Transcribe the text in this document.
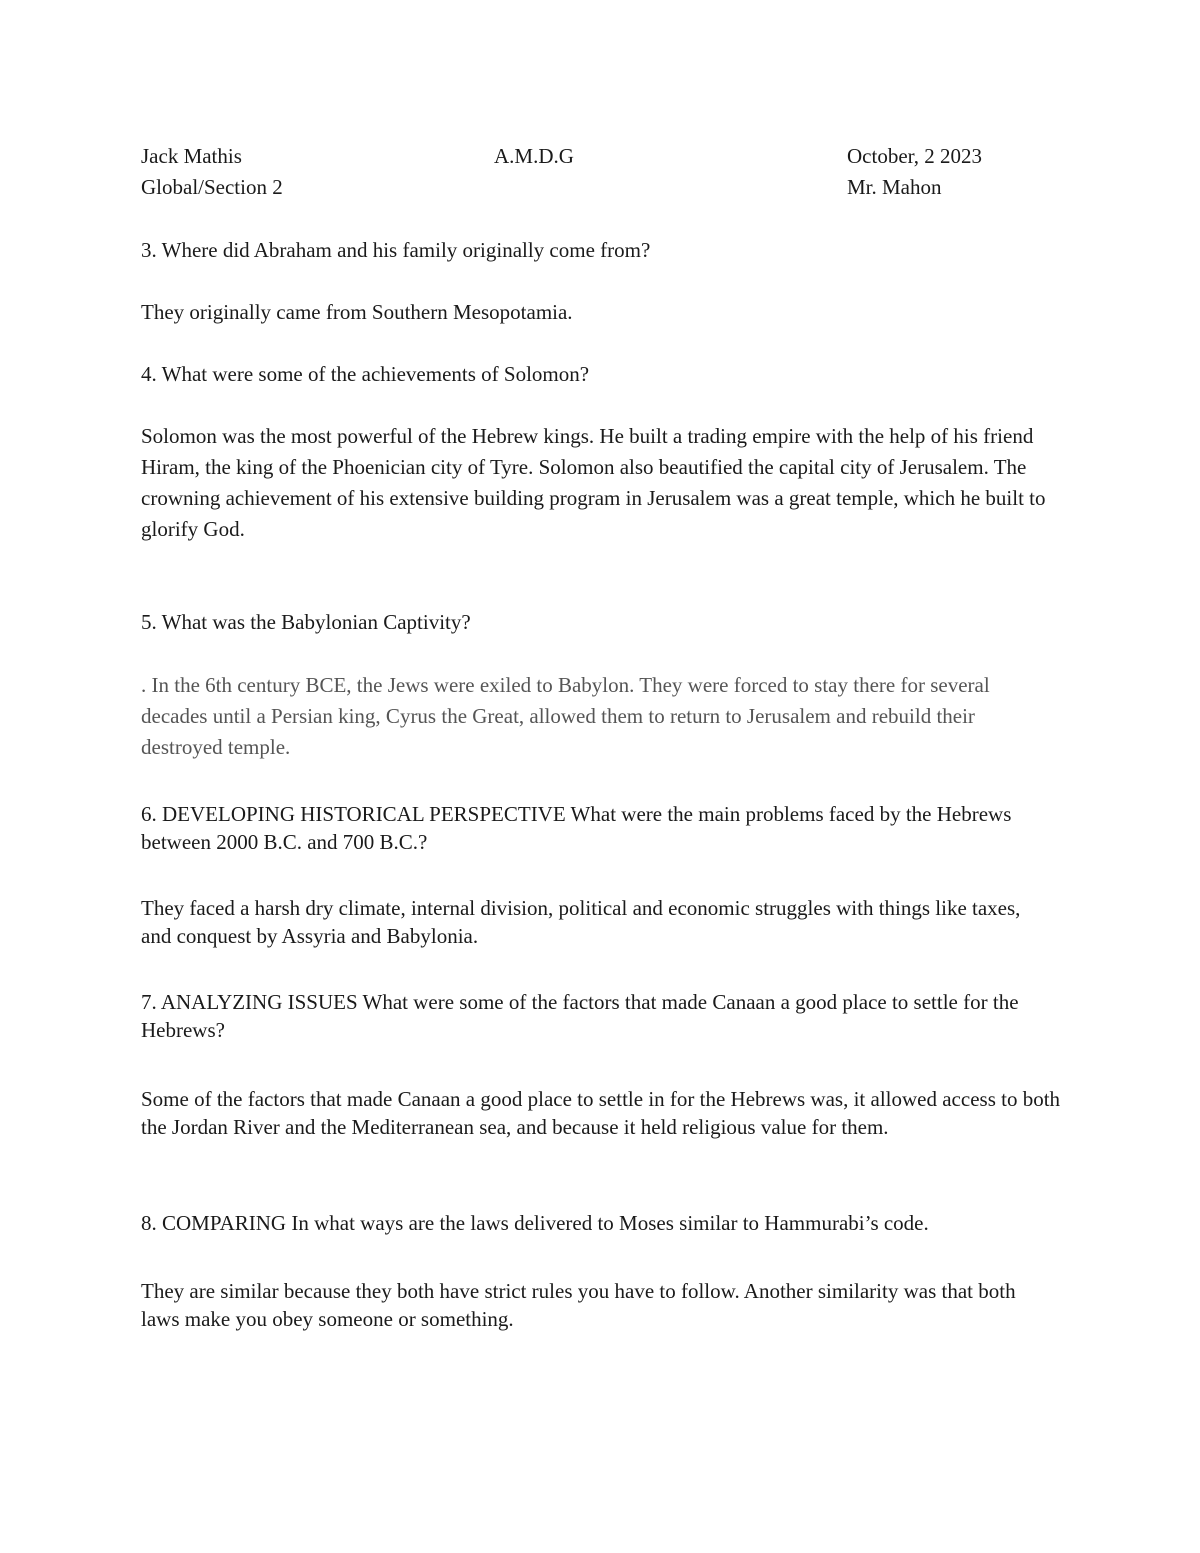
Jack Mathis	A.M.D.G	October, 2 2023
Global/Section 2	Mr. Mahon

3. Where did Abraham and his family originally come from?

They originally came from Southern Mesopotamia.

4. What were some of the achievements of Solomon?

Solomon was the most powerful of the Hebrew kings. He built a trading empire with the help of his friend Hiram, the king of the Phoenician city of Tyre. Solomon also beautified the capital city of Jerusalem. The crowning achievement of his extensive building program in Jerusalem was a great temple, which he built to glorify God.

5. What was the Babylonian Captivity?

. In the 6th century BCE, the Jews were exiled to Babylon. They were forced to stay there for several decades until a Persian king, Cyrus the Great, allowed them to return to Jerusalem and rebuild their destroyed temple.

6. DEVELOPING HISTORICAL PERSPECTIVE What were the main problems faced by the Hebrews between 2000 B.C. and 700 B.C.?

They faced a harsh dry climate, internal division, political and economic struggles with things like taxes, and conquest by Assyria and Babylonia.

7. ANALYZING ISSUES What were some of the factors that made Canaan a good place to settle for the Hebrews?

Some of the factors that made Canaan a good place to settle in for the Hebrews was, it allowed access to both the Jordan River and the Mediterranean sea, and because it held religious value for them.

8. COMPARING In what ways are the laws delivered to Moses similar to Hammurabi’s code.

They are similar because they both have strict rules you have to follow. Another similarity was that both laws make you obey someone or something.
